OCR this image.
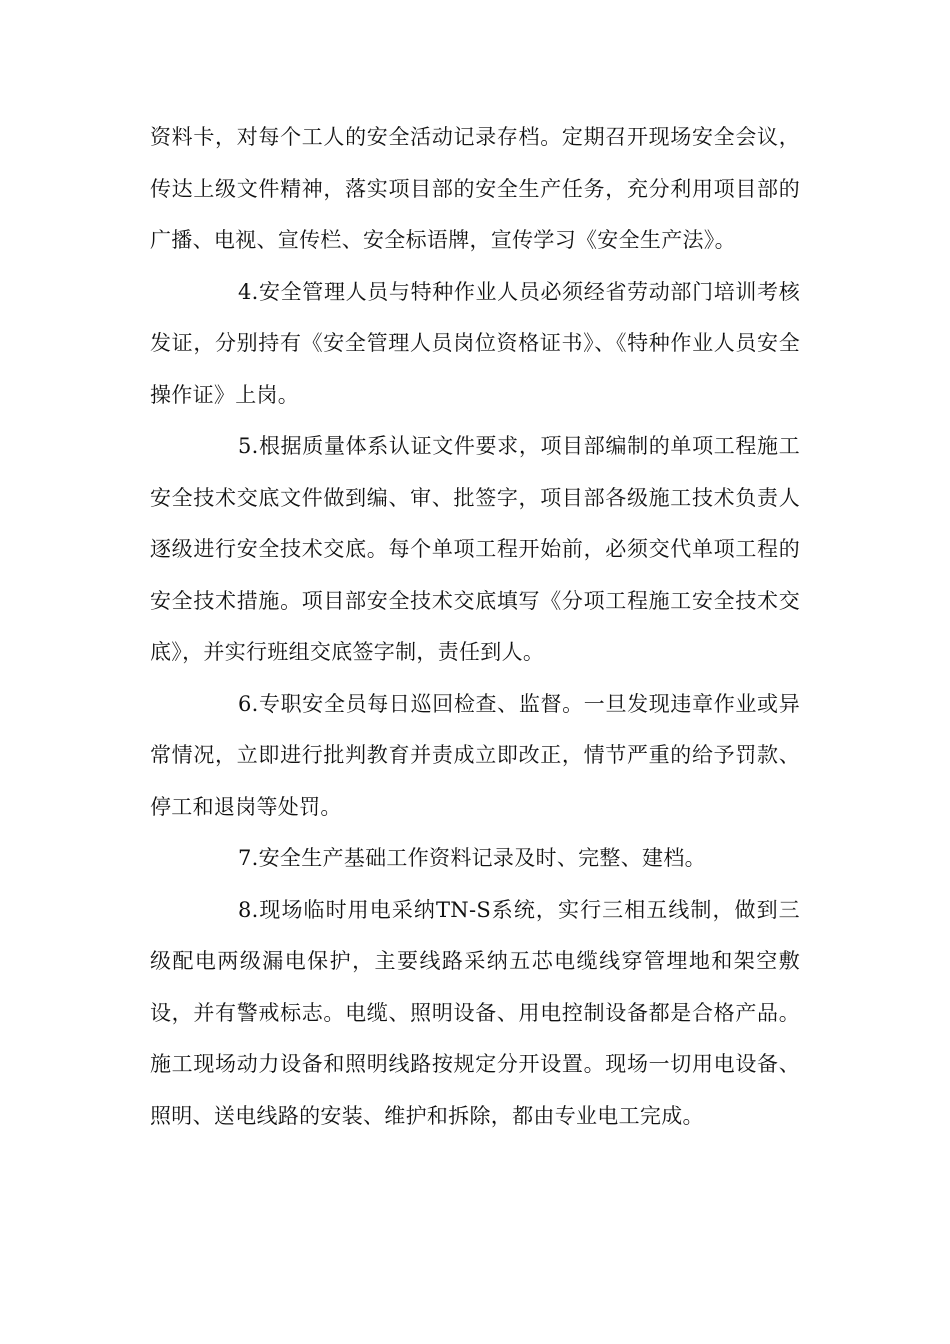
资料卡，对每个工人的安全活动记录存档。定期召开现场安全会议，传达上级文件精神，落实项目部的安全生产任务，充分利用项目部的广播、电视、宣传栏、安全标语牌，宣传学习《安全生产法》。

4.安全管理人员与特种作业人员必须经省劳动部门培训考核发证，分别持有《安全管理人员岗位资格证书》、《特种作业人员安全操作证》上岗。

5.根据质量体系认证文件要求，项目部编制的单项工程施工安全技术交底文件做到编、审、批签字，项目部各级施工技术负责人逐级进行安全技术交底。每个单项工程开始前，必须交代单项工程的安全技术措施。项目部安全技术交底填写《分项工程施工安全技术交底》，并实行班组交底签字制，责任到人。

6.专职安全员每日巡回检查、监督。一旦发现违章作业或异常情况，立即进行批判教育并责成立即改正，情节严重的给予罚款、停工和退岗等处罚。

7.安全生产基础工作资料记录及时、完整、建档。

8.现场临时用电采纳TN-S系统，实行三相五线制，做到三级配电两级漏电保护，主要线路采纳五芯电缆线穿管埋地和架空敷设，并有警戒标志。电缆、照明设备、用电控制设备都是合格产品。施工现场动力设备和照明线路按规定分开设置。现场一切用电设备、照明、送电线路的安装、维护和拆除，都由专业电工完成。
